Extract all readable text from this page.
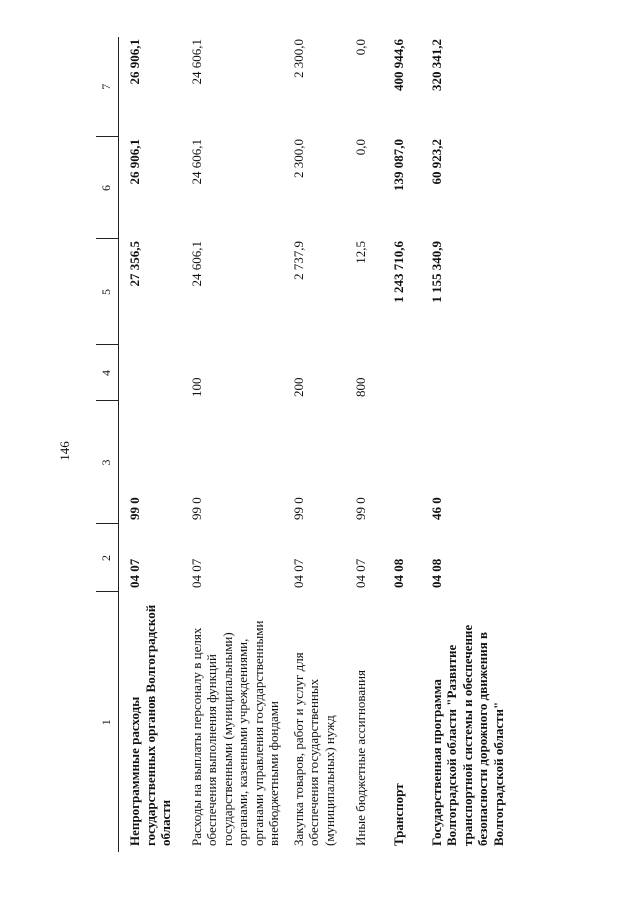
146
1	2	3	4	5	6	7
Непрограммные расходы государственных органов Волгоградской области	04 07	99 0		27 356,5	26 906,1	26 906,1
Расходы на выплаты персоналу в целях обеспечения выполнения функций государственными (муниципальными) органами, казенными учреждениями, органами управления государственными внебюджетными фондами	04 07	99 0	100	24 606,1	24 606,1	24 606,1
Закупка товаров, работ и услуг для обеспечения государственных (муниципальных) нужд	04 07	99 0	200	2 737,9	2 300,0	2 300,0
Иные бюджетные ассигнования	04 07	99 0	800	12,5	0,0	0,0
Транспорт	04 08			1 243 710,6	139 087,0	400 944,6
Государственная программа Волгоградской области "Развитие транспортной системы и обеспечение безопасности дорожного движения в Волгоградской области"	04 08	46 0		1 155 340,9	60 923,2	320 341,2
